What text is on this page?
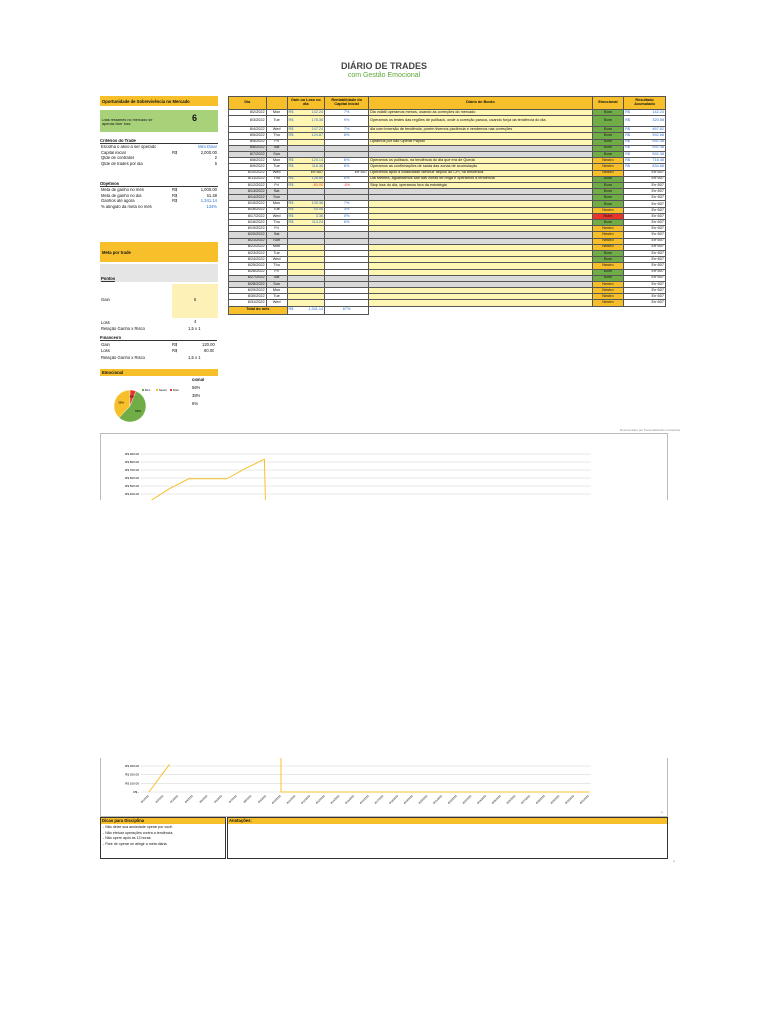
DIÁRIO DE TRADES
com Gestão Emocional
Oportunidade de Sobrevivência no Mercado
Dias restantes no mercado se apenas tiver loss
6
Critérios do Trade
Escolha o ativo a ser operado	Mini Dolar
Capital inicial	R$	2,000.00
Qtde de contratos	2
Qtde de trades por dia	6
Objetivos
Meta de ganho no mês	R$	1,000.00
Meta de ganho no dia	R$	61.48
Ganhos até agora	R$	1,341.14
% atingido da meta no mês	134%
Meta por trade
Pontos
Gain	6
Loss	4
Relação Ganho x Risco	1,5 x 1
Financeiro
Gain	R$	120.00
Loss	R$	80.00
Relação Ganho x Risco	1,5 x 1
Emocional
cional
56%
38%
6%
Bom	Neutro Ruim
56%
38%
6%
Dia		Gain ou Loss no dia	Rentabilidade do Capital Inicial	Diário de Bordo	Emocional	Resultado Acumulado
8/2/2022	Mon	R$ 142.24	7%	Dia volátil operamos menos, usando as correções do mercado	Bom	R$ 142.24

8/3/2022	Tue	R$ 178.36	9%	Operamos os testes das regiões de pullback, onde a correção parous, usando força da tendência do dia.	Bom	R$ 320.58

8/4/2022	Wed	R$ 147.24	7%	dia com inversão de tendência, porém tivemos paciência e vendemos nas correções	Bom	R$ 467.82

8/5/2022	Thu	R$ 124.87	6%		Bom	R$ 592.68

8/5/2022	Fri			Optamos por não Operar Payroll	Bom	R$ 592.38

8/6/2022	Sat				Bom	R$ 592.38

8/7/2022	Sun				Bom	R$ 592.38

8/8/2022	Mon	R$ 124.14	6%	Operamos os pullback, na tendência do dia que era de Queda	Neutro	R$ 716.48

8/9/2022	Tue	R$ 118.36	6%	Operamos as confirmações de saída das zonas de acumulação	Neutro	R$ 834.88

8/10/2022	Wed	Err:507	Err:507	Operamos após a volatilidade diminuir depois do CPI, na tendência	Neutro	Err:507

8/11/2022	Thu	R$ 128.80	6%	Dia Mentira, aguardamos sair das zonas de briga e operamos a tendência	Bom	Err:507

8/12/2022	Fri	R$ -80.00	-4%	Stop loss do dia, operamos fora da estratégia	Bom	Err:507

8/13/2022	Sat				Bom	Err:507

8/14/2022	Sun				Bom	Err:507

8/15/2022	Mon	R$ 105.36	7%		Bom	Err:507

8/16/2022	Tue	R$ 53.06	3%		Neutro	Err:507

8/17/2022	Wed	R$ 3.36	0%		Ruim	Err:507

8/18/2022	Thu	R$ 114.24	6%		Bom	Err:507

8/19/2022	Fri				Neutro	Err:507

8/20/2022	Sat				Neutro	Err:507

8/21/2022	Sun				Neutro	Err:507

8/22/2022	Mon				Neutro	Err:507

8/23/2022	Tue				Bom	Err:507

8/24/2022	Wed				Bom	Err:507

8/25/2022	Thu				Neutro	Err:507

8/26/2022	Fri				Bom	Err:507

8/27/2022	Sat				Bom	Err:507

8/28/2022	Sun				Neutro	Err:507

8/29/2022	Mon				Neutro	Err:507

8/30/2022	Tue				Neutro	Err:507

8/31/2022	Wed				Neutro	Err:507

Total do mês		R$ 1,341.14	67%			
Desenvolvido por Personalizando Conteúdos
R$ 900.00
R$ 800.00
R$ 700.00
R$ 600.00
R$ 500.00
R$ 400.00
R$ 300.00
R$ 200.00
R$ 100.00
R$ -
8/1/2022 8/2/2022 8/3/2022 8/4/2022 8/5/2022 8/6/2022 8/7/2022 8/8/2022 8/9/2022 8/10/2022 8/11/2022 8/12/2022 8/13/2022 8/14/2022 8/15/2022 8/16/2022 8/17/2022 8/18/2022 8/19/2022 8/20/2022 8/21/2022 8/22/2022 8/23/2022 8/24/2022 8/25/2022 8/26/2022 8/27/2022 8/28/2022 8/29/2022 8/30/2022 8/31/2022
p.
Dicas para Disciplina
- Não deixe sua ansiedade operar por você.
- Não efetuar operações contra a tendência.
- Não opere após às 13 horas.
- Pare de operar se atingir a meta diária.
Anotações:
p.
